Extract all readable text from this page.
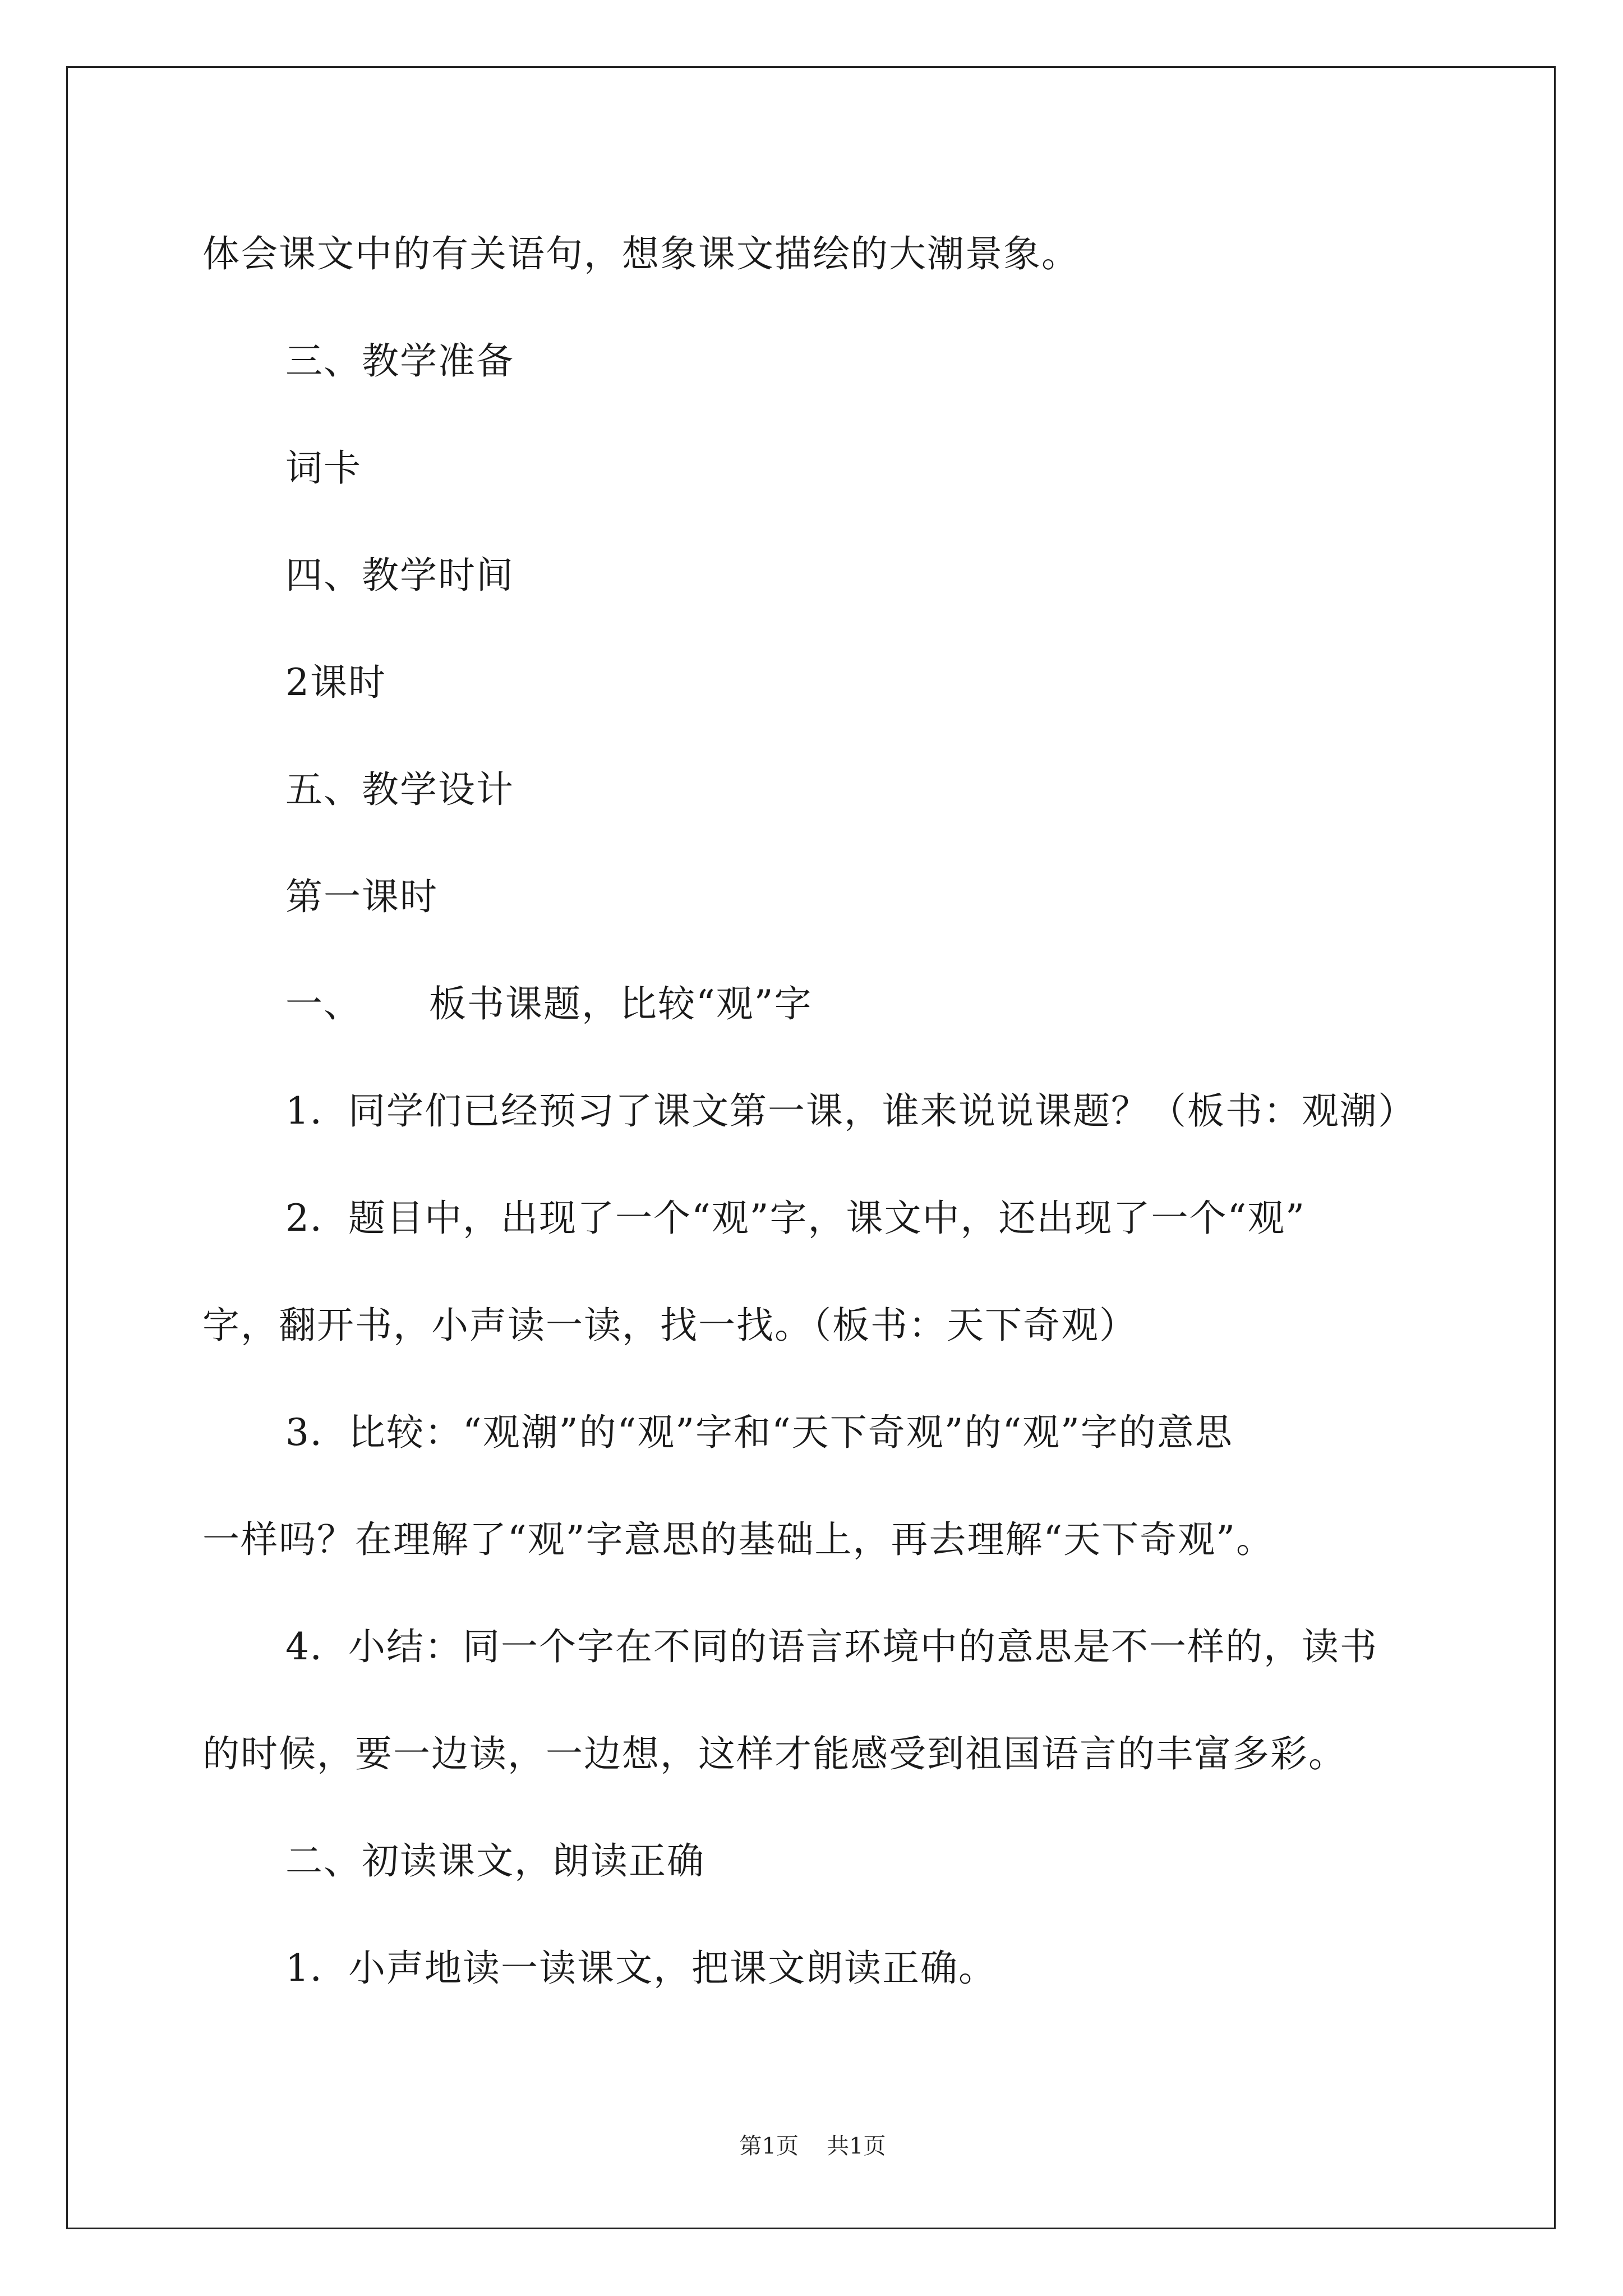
体会课文中的有关语句，想象课文描绘的大潮景象。
三、教学准备
词卡
四、教学时间
2课时
五、教学设计
第一课时
一、 板书课题，比较“观”字
1．同学们已经预习了课文第一课，谁来说说课题？（板书：观潮）
2．题目中，出现了一个“观”字，课文中，还出现了一个“观”
字，翻开书，小声读一读，找一找。（板书：天下奇观）
3．比较：“观潮”的“观”字和“天下奇观”的“观”字的意思
一样吗？在理解了“观”字意思的基础上，再去理解“天下奇观”。
4．小结：同一个字在不同的语言环境中的意思是不一样的，读书
的时候，要一边读，一边想，这样才能感受到祖国语言的丰富多彩。
二、初读课文，朗读正确
1．小声地读一读课文，把课文朗读正确。
第1页 共1页
